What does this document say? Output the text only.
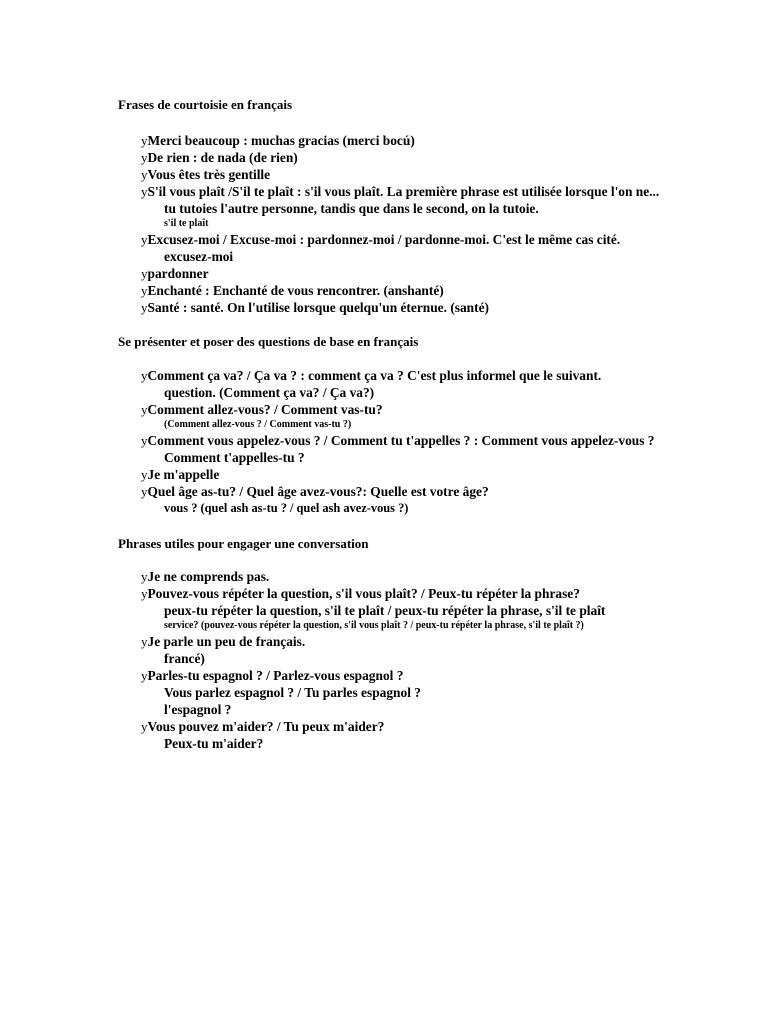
Frases de courtoisie en français

yMerci beaucoup : muchas gracias (merci bocú)
yDe rien : de nada (de rien)
yVous êtes très gentille
yS'il vous plaît /S'il te plaît : s'il vous plaît. La première phrase est utilisée lorsque l'on ne...
tu tutoies l'autre personne, tandis que dans le second, on la tutoie.
s'il te plaît
yExcusez-moi / Excuse-moi : pardonnez-moi / pardonne-moi. C'est le même cas cité.
excusez-moi
ypardonner
yEnchanté : Enchanté de vous rencontrer. (anshanté)
ySanté : santé. On l'utilise lorsque quelqu'un éternue. (santé)

Se présenter et poser des questions de base en français

yComment ça va? / Ça va ? : comment ça va ? C'est plus informel que le suivant.
question. (Comment ça va? / Ça va?)
yComment allez-vous? / Comment vas-tu?
(Comment allez-vous ? / Comment vas-tu ?)
yComment vous appelez-vous ? / Comment tu t'appelles ? : Comment vous appelez-vous ?
Comment t'appelles-tu ?
yJe m'appelle
yQuel âge as-tu? / Quel âge avez-vous?: Quelle est votre âge?
vous ? (quel ash as-tu ? / quel ash avez-vous ?)

Phrases utiles pour engager une conversation

yJe ne comprends pas.
yPouvez-vous répéter la question, s'il vous plaît? / Peux-tu répéter la phrase?
peux-tu répéter la question, s'il te plaît / peux-tu répéter la phrase, s'il te plaît
service? (pouvez-vous répéter la question, s'il vous plaît ? / peux-tu répéter la phrase, s'il te plaît ?)
yJe parle un peu de français.
francé)
yParles-tu espagnol ? / Parlez-vous espagnol ?
Vous parlez espagnol ? / Tu parles espagnol ?
l'espagnol ?
yVous pouvez m'aider? / Tu peux m'aider?
Peux-tu m'aider?
